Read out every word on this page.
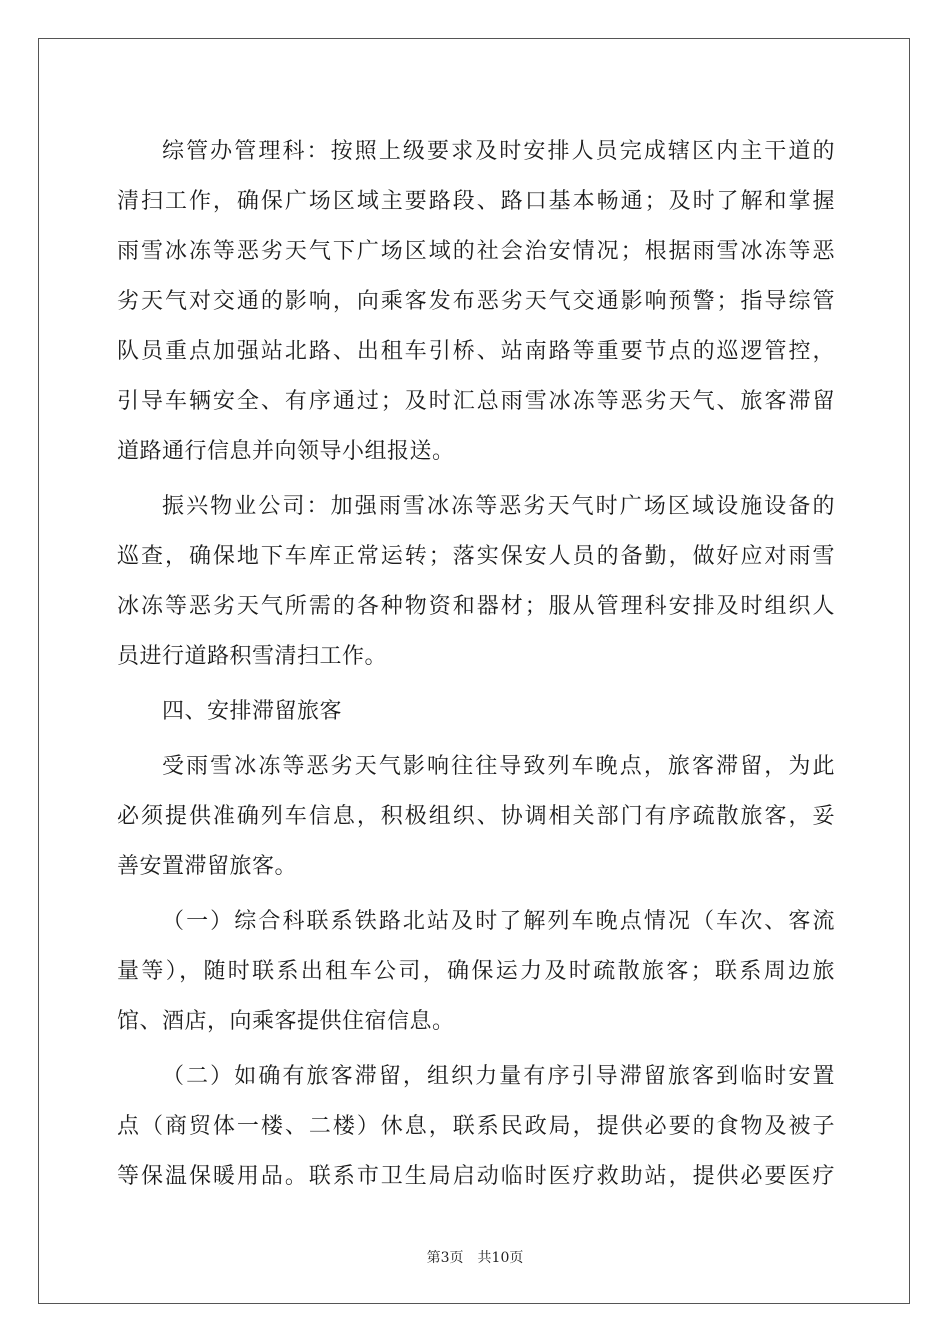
综管办管理科：按照上级要求及时安排人员完成辖区内主干道的
清扫工作，确保广场区域主要路段、路口基本畅通；及时了解和掌握
雨雪冰冻等恶劣天气下广场区域的社会治安情况；根据雨雪冰冻等恶
劣天气对交通的影响，向乘客发布恶劣天气交通影响预警；指导综管
队员重点加强站北路、出租车引桥、站南路等重要节点的巡逻管控，
引导车辆安全、有序通过；及时汇总雨雪冰冻等恶劣天气、旅客滞留
道路通行信息并向领导小组报送。
振兴物业公司：加强雨雪冰冻等恶劣天气时广场区域设施设备的
巡查，确保地下车库正常运转；落实保安人员的备勤，做好应对雨雪
冰冻等恶劣天气所需的各种物资和器材；服从管理科安排及时组织人
员进行道路积雪清扫工作。
四、安排滞留旅客
受雨雪冰冻等恶劣天气影响往往导致列车晚点，旅客滞留，为此
必须提供准确列车信息，积极组织、协调相关部门有序疏散旅客，妥
善安置滞留旅客。
（一）综合科联系铁路北站及时了解列车晚点情况（车次、客流
量等），随时联系出租车公司，确保运力及时疏散旅客；联系周边旅
馆、酒店，向乘客提供住宿信息。
（二）如确有旅客滞留，组织力量有序引导滞留旅客到临时安置
点（商贸体一楼、二楼）休息，联系民政局，提供必要的食物及被子
等保温保暖用品。联系市卫生局启动临时医疗救助站，提供必要医疗
第3页 共10页
